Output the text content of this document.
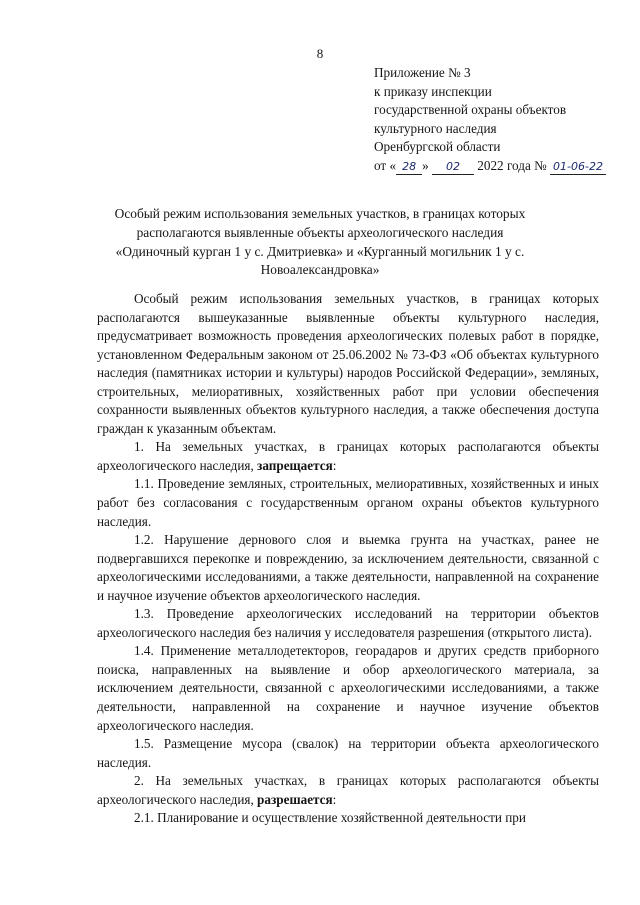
8
Приложение № 3
к приказу инспекции
государственной охраны объектов
культурного наследия
Оренбургской области
от « 28 » 02 2022 года № 01-06-22
Особый режим использования земельных участков, в границах которых располагаются выявленные объекты археологического наследия «Одиночный курган 1 у с. Дмитриевка» и «Курганный могильник 1 у с. Новоалександровка»

Особый режим использования земельных участков, в границах которых располагаются вышеуказанные выявленные объекты культурного наследия, предусматривает возможность проведения археологических полевых работ в порядке, установленном Федеральным законом от 25.06.2002 № 73-ФЗ «Об объектах культурного наследия (памятниках истории и культуры) народов Российской Федерации», земляных, строительных, мелиоративных, хозяйственных работ при условии обеспечения сохранности выявленных объектов культурного наследия, а также обеспечения доступа граждан к указанным объектам.

1. На земельных участках, в границах которых располагаются объекты археологического наследия, запрещается:

1.1. Проведение земляных, строительных, мелиоративных, хозяйственных и иных работ без согласования с государственным органом охраны объектов культурного наследия.

1.2. Нарушение дернового слоя и выемка грунта на участках, ранее не подвергавшихся перекопке и повреждению, за исключением деятельности, связанной с археологическими исследованиями, а также деятельности, направленной на сохранение и научное изучение объектов археологического наследия.

1.3. Проведение археологических исследований на территории объектов археологического наследия без наличия у исследователя разрешения (открытого листа).

1.4. Применение металлодетекторов, георадаров и других средств приборного поиска, направленных на выявление и обор археологического материала, за исключением деятельности, связанной с археологическими исследованиями, а также деятельности, направленной на сохранение и научное изучение объектов археологического наследия.

1.5. Размещение мусора (свалок) на территории объекта археологического наследия.

2. На земельных участках, в границах которых располагаются объекты археологического наследия, разрешается:

2.1. Планирование и осуществление хозяйственной деятельности при
